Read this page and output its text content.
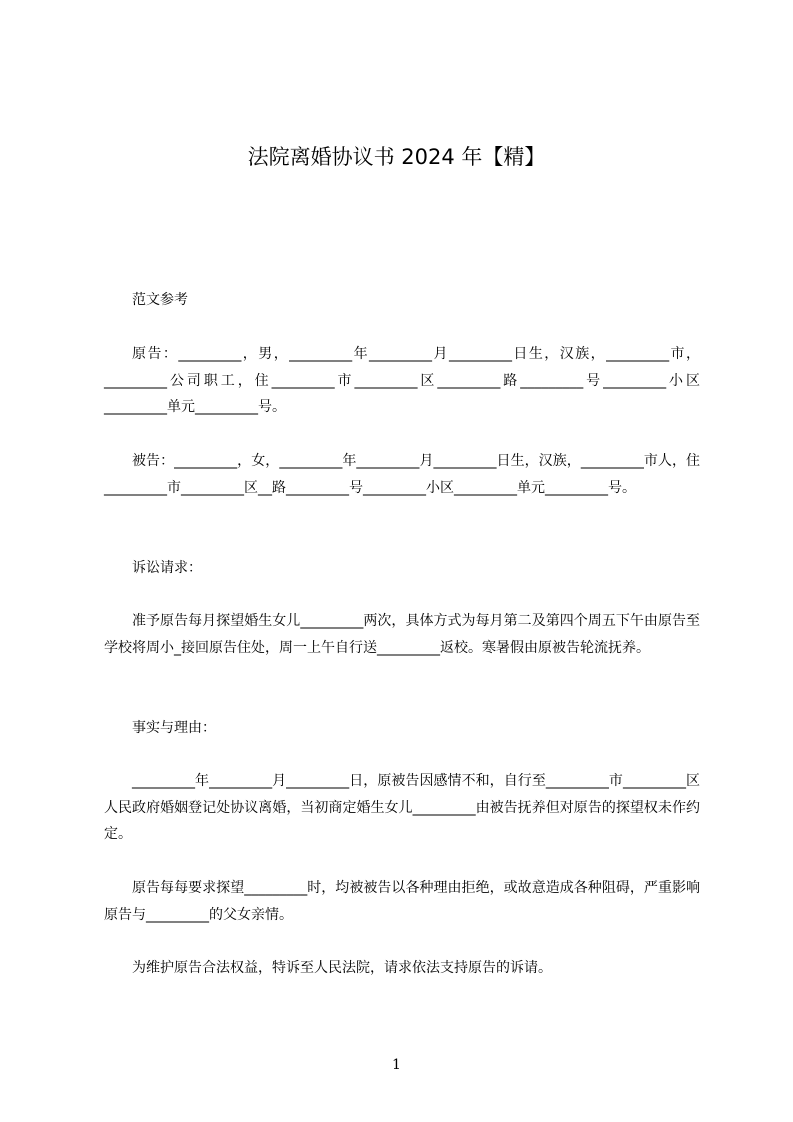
法院离婚协议书 2024 年【精】

范文参考

原告：_________，男，_________年_________月_________日生，汉族，_________市，_________公司职工，住_________市_________区_________路_________号_________小区_________单元_________号。

被告：_________，女，_________年_________月_________日生，汉族，_________市人，住_________市_________区__路_________号_________小区_________单元_________号。

诉讼请求：

准予原告每月探望婚生女儿_________两次，具体方式为每月第二及第四个周五下午由原告至学校将周小_接回原告住处，周一上午自行送_________返校。寒暑假由原被告轮流抚养。

事实与理由：

_________年_________月_________日，原被告因感情不和，自行至_________市_________区人民政府婚姻登记处协议离婚，当初商定婚生女儿_________由被告抚养但对原告的探望权未作约定。

原告每每要求探望_________时，均被被告以各种理由拒绝，或故意造成各种阻碍，严重影响原告与_________的父女亲情。

为维护原告合法权益，特诉至人民法院，请求依法支持原告的诉请。

1
